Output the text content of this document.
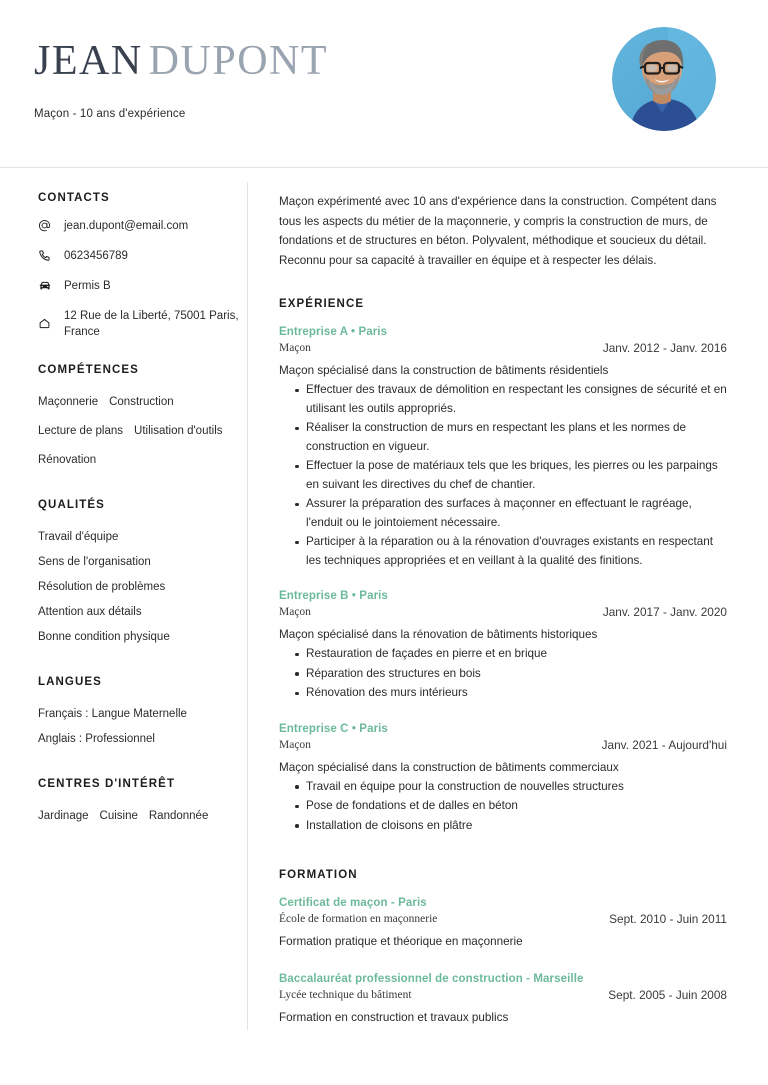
JEAN DUPONT
Maçon - 10 ans d'expérience
CONTACTS
jean.dupont@email.com
0623456789
Permis B
12 Rue de la Liberté, 75001 Paris, France
COMPÉTENCES
Maçonnerie Construction
Lecture de plans Utilisation d'outils
Rénovation
QUALITÉS
Travail d'équipe
Sens de l'organisation
Résolution de problèmes
Attention aux détails
Bonne condition physique
LANGUES
Français : Langue Maternelle
Anglais : Professionnel
CENTRES D'INTÉRÊT
Jardinage Cuisine Randonnée

Maçon expérimenté avec 10 ans d'expérience dans la construction. Compétent dans tous les aspects du métier de la maçonnerie, y compris la construction de murs, de fondations et de structures en béton. Polyvalent, méthodique et soucieux du détail. Reconnu pour sa capacité à travailler en équipe et à respecter les délais.

EXPÉRIENCE
Entreprise A • Paris
Maçon	Janv. 2012 - Janv. 2016
Maçon spécialisé dans la construction de bâtiments résidentiels
Effectuer des travaux de démolition en respectant les consignes de sécurité et en utilisant les outils appropriés.
Réaliser la construction de murs en respectant les plans et les normes de construction en vigueur.
Effectuer la pose de matériaux tels que les briques, les pierres ou les parpaings en suivant les directives du chef de chantier.
Assurer la préparation des surfaces à maçonner en effectuant le ragréage, l'enduit ou le jointoiement nécessaire.
Participer à la réparation ou à la rénovation d'ouvrages existants en respectant les techniques appropriées et en veillant à la qualité des finitions.
Entreprise B • Paris
Maçon	Janv. 2017 - Janv. 2020
Maçon spécialisé dans la rénovation de bâtiments historiques
Restauration de façades en pierre et en brique
Réparation des structures en bois
Rénovation des murs intérieurs
Entreprise C • Paris
Maçon	Janv. 2021 - Aujourd'hui
Maçon spécialisé dans la construction de bâtiments commerciaux
Travail en équipe pour la construction de nouvelles structures
Pose de fondations et de dalles en béton
Installation de cloisons en plâtre
FORMATION
Certificat de maçon - Paris
École de formation en maçonnerie	Sept. 2010 - Juin 2011
Formation pratique et théorique en maçonnerie
Baccalauréat professionnel de construction - Marseille
Lycée technique du bâtiment	Sept. 2005 - Juin 2008
Formation en construction et travaux publics
